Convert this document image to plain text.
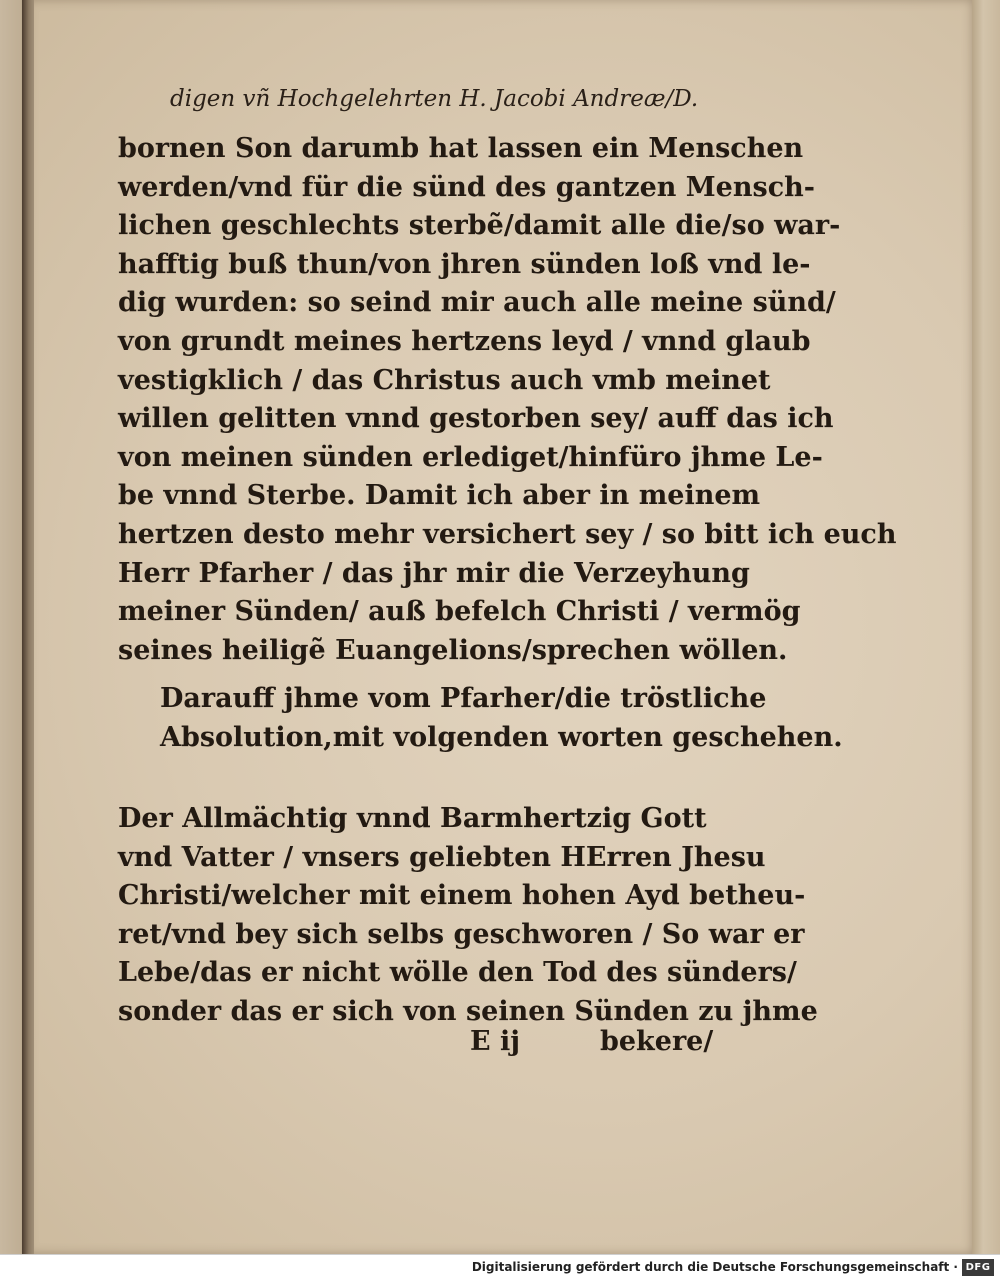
digen vñ Hochgelehrten H. Jacobi Andreæ/D.
bornen Son darumb hat lassen ein Menschen
werden/vnd für die sünd des gantzen Mensch-
lichen geschlechts sterbẽ/damit alle die/so war-
hafftig buß thun/von jhren sünden loß vnd le-
dig wurden: so seind mir auch alle meine sünd/
von grundt meines hertzens leyd / vnnd glaub
vestigklich / das Christus auch vmb meinet
willen gelitten vnnd gestorben sey/ auff das ich
von meinen sünden erlediget/hinfüro jhme Le-
be vnnd Sterbe. Damit ich aber in meinem
hertzen desto mehr versichert sey / so bitt ich euch
Herr Pfarher / das jhr mir die Verzeyhung
meiner Sünden/ auß befelch Christi / vermög
seines heiligẽ Euangelions/sprechen wöllen.
Darauff jhme vom Pfarher/die tröstliche
Absolution,mit volgenden worten geschehen.
Der Allmächtig vnnd Barmhertzig Gott
vnd Vatter / vnsers geliebten HErren Jhesu
Christi/welcher mit einem hohen Ayd betheu-
ret/vnd bey sich selbs geschworen / So war er
Lebe/das er nicht wölle den Tod des sünders/
sonder das er sich von seinen Sünden zu jhme
E ij	bekere/
Digitalisierung gefördert durch die Deutsche Forschungsgemeinschaft · DFG
